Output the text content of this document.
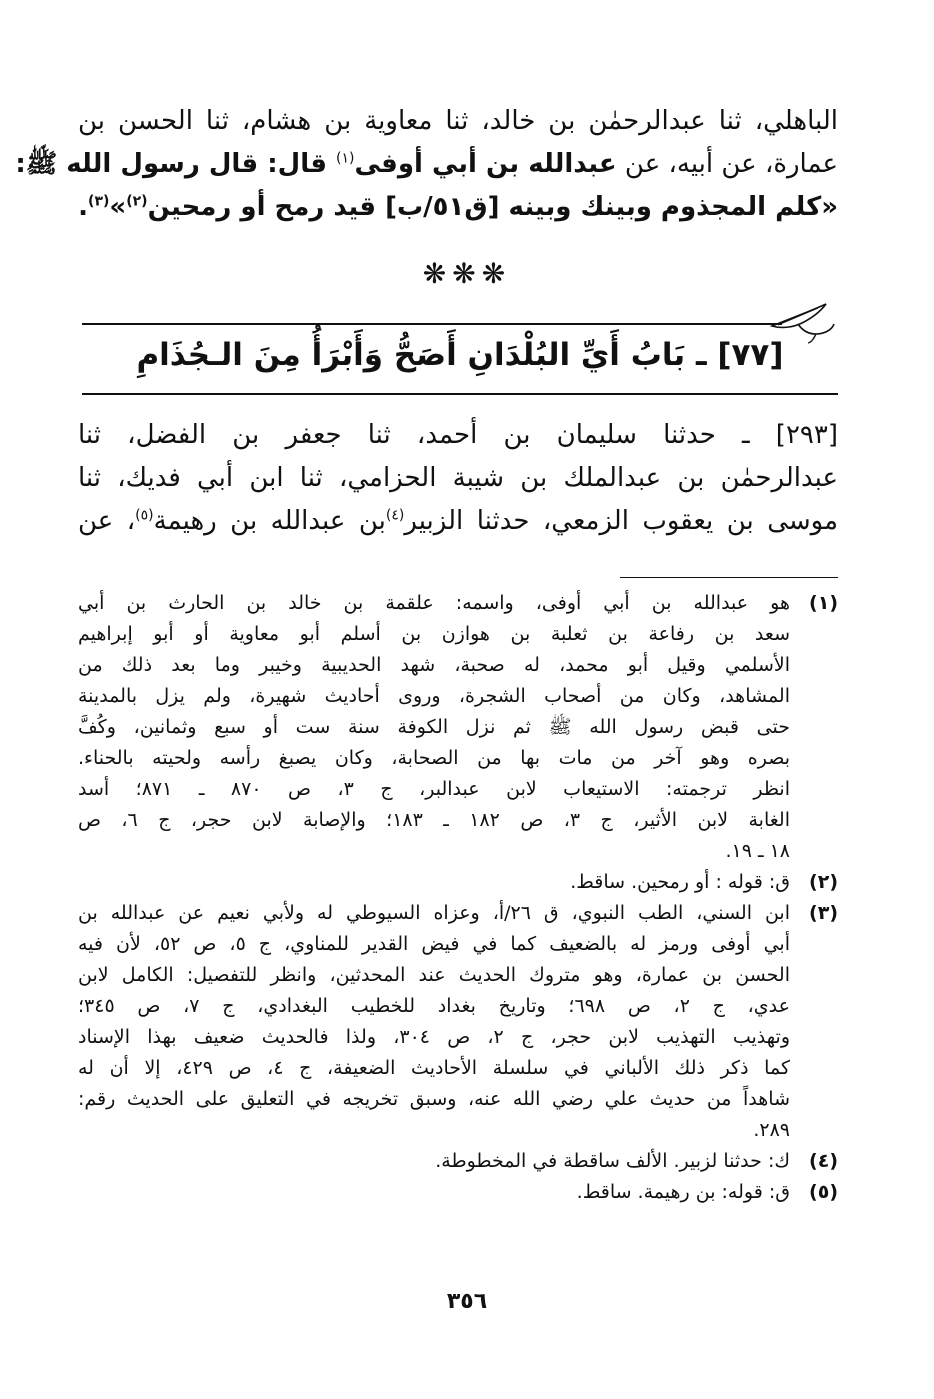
الباهلي، ثنا عبدالرحمٰن بن خالد، ثنا معاوية بن هشام، ثنا الحسن بن
عمارة، عن أبيه، عن عبدالله بن أبي أوفى$^{(١)}$ قال: قال رسول الله ﷺ:
«كلم المجذوم وبينك وبينه [ق٥١/ب] قيد رمح أو رمحين$^{(٢)}$»$^{(٣)}$.
❋❋❋
[٧٧] ـ بَابُ أَيِّ البُلْدَانِ أَصَحُّ وَأَبْرَأُ مِنَ الـجُذَامِ
[٢٩٣] ـ حدثنا سليمان بن أحمد، ثنا جعفر بن الفضل، ثنا
عبدالرحمٰن بن عبدالملك بن شيبة الحزامي، ثنا ابن أبي فديك، ثنا
موسى بن يعقوب الزمعي، حدثنا الزبير$^{(٤)}$بن عبدالله بن رهيمة$^{(٥)}$، عن
(١)
هو عبدالله بن أبي أوفى، واسمه: علقمة بن خالد بن الحارث بن أبي
سعد بن رفاعة بن ثعلبة بن هوازن بن أسلم أبو معاوية أو أبو إبراهيم
الأسلمي وقيل أبو محمد، له صحبة، شهد الحديبية وخيبر وما بعد ذلك من
المشاهد، وكان من أصحاب الشجرة، وروى أحاديث شهيرة، ولم يزل بالمدينة
حتى قبض رسول الله ﷺ ثم نزل الكوفة سنة ست أو سبع وثمانين، وكُفَّ
بصره وهو آخر من مات بها من الصحابة، وكان يصبغ رأسه ولحيته بالحناء.
انظر ترجمته: الاستيعاب لابن عبدالبر، ج ٣، ص ٨٧٠ ـ ٨٧١؛ أسد
الغابة لابن الأثير، ج ٣، ص ١٨٢ ـ ١٨٣؛ والإصابة لابن حجر، ج ٦، ص
١٨ ـ ١٩.
(٢)
ق: قوله : أو رمحين. ساقط.
(٣)
ابن السني، الطب النبوي، ق ٢٦/أ، وعزاه السيوطي له ولأبي نعيم عن عبدالله بن
أبي أوفى ورمز له بالضعيف كما في فيض القدير للمناوي، ج ٥، ص ٥٢، لأن فيه
الحسن بن عمارة، وهو متروك الحديث عند المحدثين، وانظر للتفصيل: الكامل لابن
عدي، ج ٢، ص ٦٩٨؛ وتاريخ بغداد للخطيب البغدادي، ج ٧، ص ٣٤٥؛
وتهذيب التهذيب لابن حجر، ج ٢، ص ٣٠٤، ولذا فالحديث ضعيف بهذا الإسناد
كما ذكر ذلك الألباني في سلسلة الأحاديث الضعيفة، ج ٤، ص ٤٢٩، إلا أن له
شاهداً من حديث علي رضي الله عنه، وسبق تخريجه في التعليق على الحديث رقم:
٢٨٩.
(٤)
ك: حدثنا لزبير. الألف ساقطة في المخطوطة.
(٥)
ق: قوله: بن رهيمة. ساقط.
٣٥٦
